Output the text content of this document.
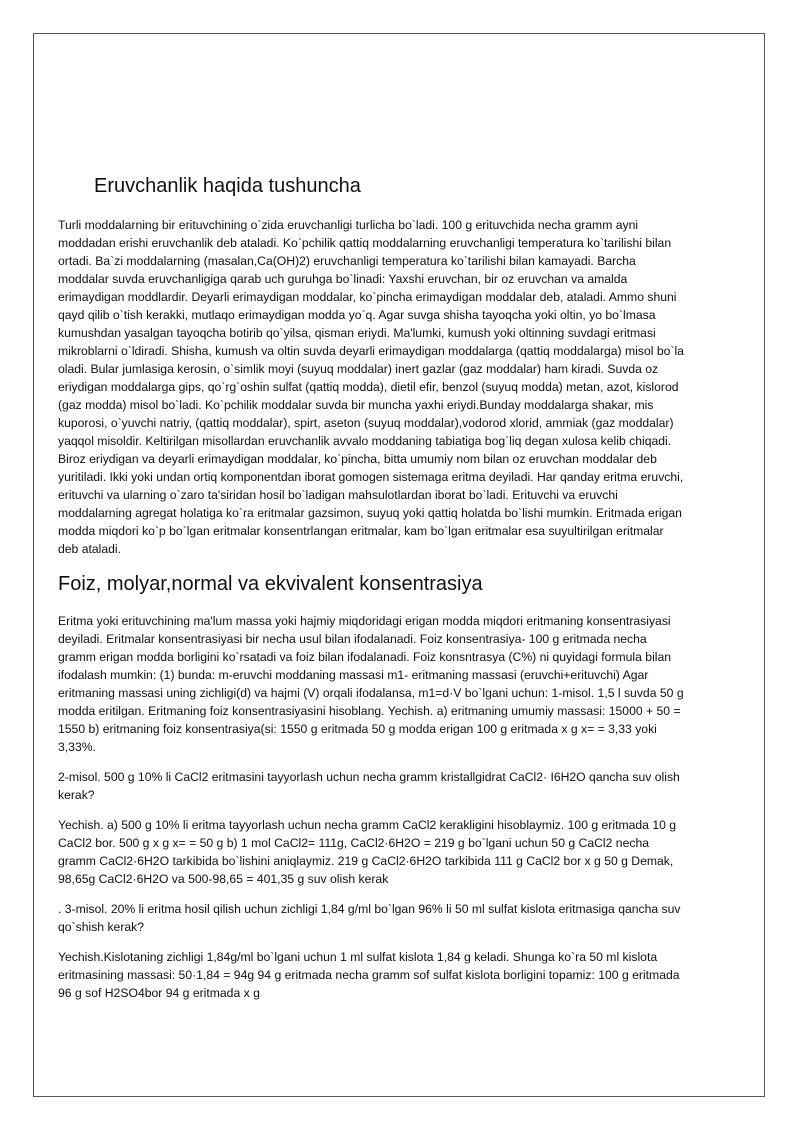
Eruvchanlik haqida tushuncha

Turli moddalarning bir erituvchining o`zida eruvchanligi turlicha bo`ladi. 100 g erituvchida necha gramm ayni moddadan erishi eruvchanlik deb ataladi. Ko`pchilik qattiq moddalarning eruvchanligi temperatura ko`tarilishi bilan ortadi. Ba`zi moddalarning (masalan,Ca(OH)2) eruvchanligi temperatura ko`tarilishi bilan kamayadi. Barcha moddalar suvda eruvchanligiga qarab uch guruhga bo`linadi: Yaxshi eruvchan, bir oz eruvchan va amalda erimaydigan moddlardir. Deyarli erimaydigan moddalar, ko`pincha erimaydigan moddalar deb, ataladi. Ammo shuni qayd qilib o`tish kerakki, mutlaqo erimaydigan modda yo`q. Agar suvga shisha tayoqcha yoki oltin, yo bo`lmasa kumushdan yasalgan tayoqcha botirib qo`yilsa, qisman eriydi. Ma'lumki, kumush yoki oltinning suvdagi eritmasi mikroblarni o`ldiradi. Shisha, kumush va oltin suvda deyarli erimaydigan moddalarga (qattiq moddalarga) misol bo`la oladi. Bular jumlasiga kerosin, o`simlik moyi (suyuq moddalar) inert gazlar (gaz moddalar) ham kiradi. Suvda oz eriydigan moddalarga gips, qo`rg`oshin sulfat (qattiq modda), dietil efir, benzol (suyuq modda) metan, azot, kislorod (gaz modda) misol bo`ladi. Ko`pchilik moddalar suvda bir muncha yaxhi eriydi.Bunday moddalarga shakar, mis kuporosi, o`yuvchi natriy, (qattiq moddalar), spirt, aseton (suyuq moddalar),vodorod xlorid, ammiak (gaz moddalar) yaqqol misoldir. Keltirilgan misollardan eruvchanlik avvalo moddaning tabiatiga bog`liq degan xulosa kelib chiqadi. Biroz eriydigan va deyarli erimaydigan moddalar, ko`pincha, bitta umumiy nom bilan oz eruvchan moddalar deb yuritiladi. Ikki yoki undan ortiq komponentdan iborat gomogen sistemaga eritma deyiladi. Har qanday eritma eruvchi, erituvchi va ularning o`zaro ta'siridan hosil bo`ladigan mahsulotlardan iborat bo`ladi. Erituvchi va eruvchi moddalarning agregat holatiga ko`ra eritmalar gazsimon, suyuq yoki qattiq holatda bo`lishi mumkin. Eritmada erigan modda miqdori ko`p bo`lgan eritmalar konsentrlangan eritmalar, kam bo`lgan eritmalar esa suyultirilgan eritmalar deb ataladi.

Foiz, molyar,normal va ekvivalent konsentrasiya

Eritma yoki erituvchining ma'lum massa yoki hajmiy miqdoridagi erigan modda miqdori eritmaning konsentrasiyasi deyiladi. Eritmalar konsentrasiyasi bir necha usul bilan ifodalanadi. Foiz konsentrasiya- 100 g eritmada necha gramm erigan modda borligini ko`rsatadi va foiz bilan ifodalanadi. Foiz konsntrasya (C%) ni quyidagi formula bilan ifodalash mumkin: (1) bunda: m-eruvchi moddaning massasi m1- eritmaning massasi (eruvchi+erituvchi) Agar eritmaning massasi uning zichligi(d) va hajmi (V) orqali ifodalansa, m1=d·V bo`lgani uchun: 1-misol. 1,5 l suvda 50 g modda eritilgan. Eritmaning foiz konsentrasiyasini hisoblang. Yechish. a) eritmaning umumiy massasi: 15000 + 50 = 1550 b) eritmaning foiz konsentrasiya(si: 1550 g eritmada 50 g modda erigan 100 g eritmada x g x= = 3,33 yoki 3,33%.

2-misol. 500 g 10% li CaCl2 eritmasini tayyorlash uchun necha gramm kristallgidrat CaCl2· I6H2O qancha suv olish kerak?

Yechish. a) 500 g 10% li eritma tayyorlash uchun necha gramm CaCl2 kerakligini hisoblaymiz. 100 g eritmada 10 g CaCl2 bor. 500 g x g x= = 50 g b) 1 mol CaCl2= 111g, CaCl2·6H2O = 219 g bo`lgani uchun 50 g CaCl2 necha gramm CaCl2·6H2O tarkibida bo`lishini aniqlaymiz. 219 g CaCl2·6H2O tarkibida 111 g CaCl2 bor x g 50 g Demak, 98,65g CaCl2·6H2O va 500-98,65 = 401,35 g suv olish kerak

. 3-misol. 20% li eritma hosil qilish uchun zichligi 1,84 g/ml bo`lgan 96% li 50 ml sulfat kislota eritmasiga qancha suv qo`shish kerak?

Yechish.Kislotaning zichligi 1,84g/ml bo`lgani uchun 1 ml sulfat kislota 1,84 g keladi. Shunga ko`ra 50 ml kislota eritmasining massasi: 50·1,84 = 94g 94 g eritmada necha gramm sof sulfat kislota borligini topamiz: 100 g eritmada 96 g sof H2SO4bor 94 g eritmada x g
